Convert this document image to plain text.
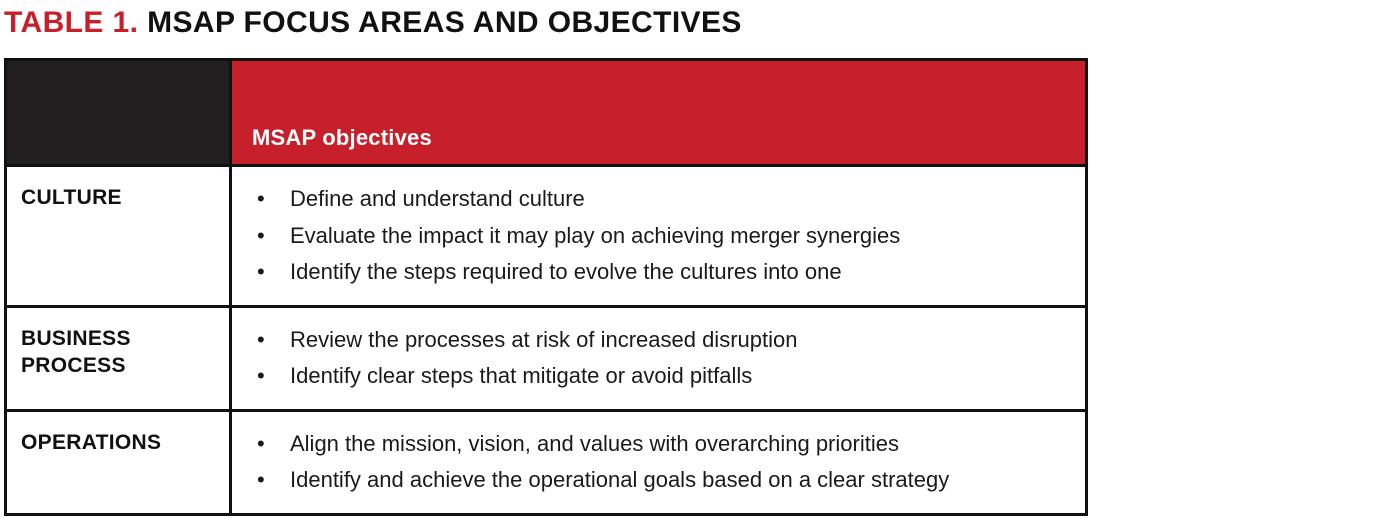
TABLE 1. MSAP FOCUS AREAS AND OBJECTIVES
MSAP objectives
CULTURE	• Define and understand culture
• Evaluate the impact it may play on achieving merger synergies
• Identify the steps required to evolve the cultures into one
BUSINESS PROCESS
• Review the processes at risk of increased disruption
• Identify clear steps that mitigate or avoid pitfalls
OPERATIONS	• Align the mission, vision, and values with overarching priorities
• Identify and achieve the operational goals based on a clear strategy
